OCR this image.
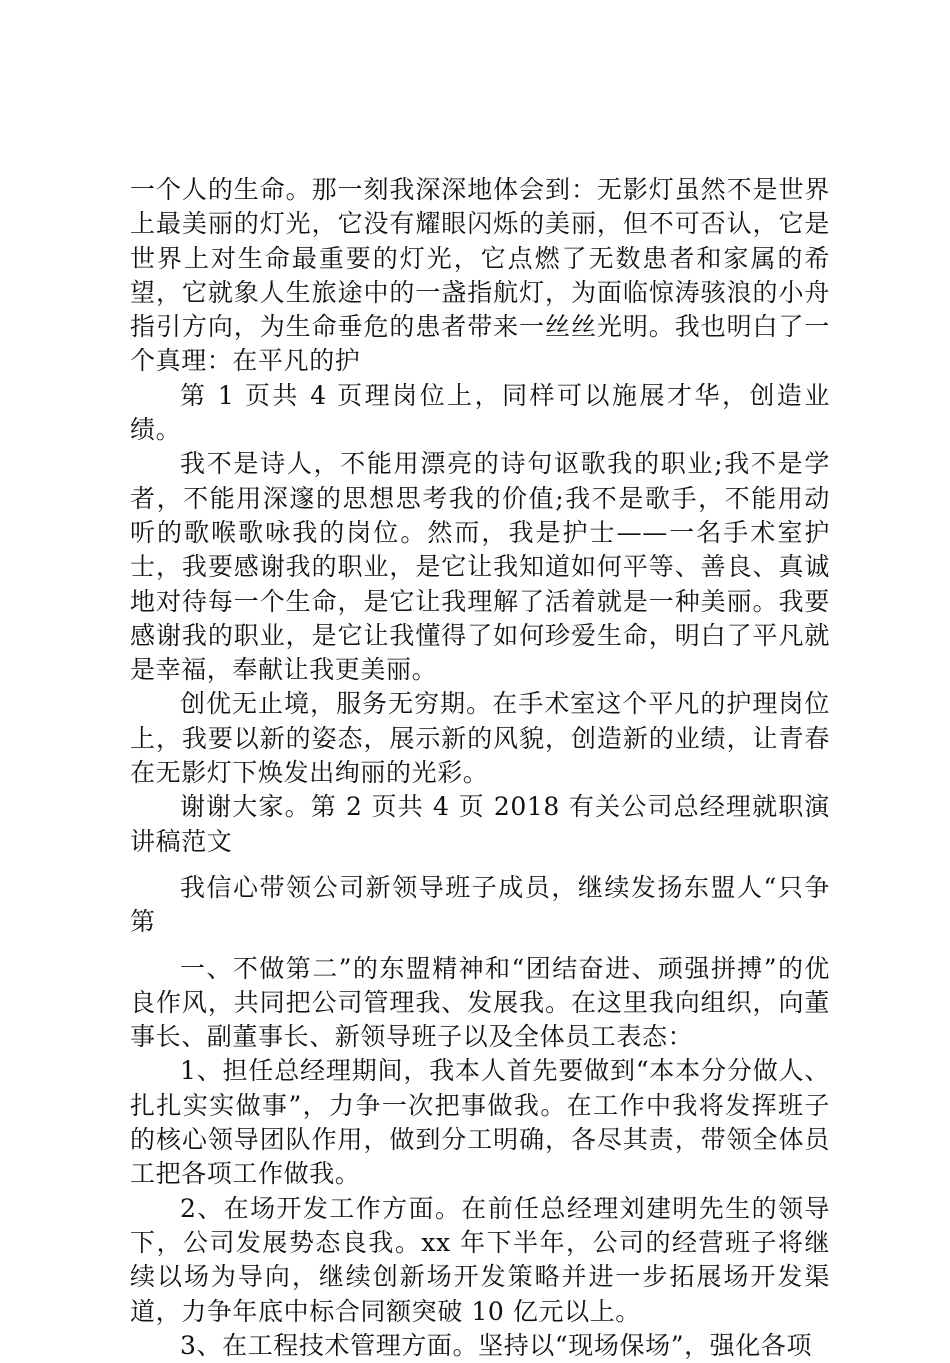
一个人的生命。那一刻我深深地体会到：无影灯虽然不是世界上最美丽的灯光，它没有耀眼闪烁的美丽，但不可否认，它是世界上对生命最重要的灯光，它点燃了无数患者和家属的希望，它就象人生旅途中的一盏指航灯，为面临惊涛骇浪的小舟指引方向，为生命垂危的患者带来一丝丝光明。我也明白了一个真理：在平凡的护

第 1 页共 4 页理岗位上，同样可以施展才华，创造业绩。

我不是诗人，不能用漂亮的诗句讴歌我的职业;我不是学者，不能用深邃的思想思考我的价值;我不是歌手，不能用动听的歌喉歌咏我的岗位。然而，我是护士——一名手术室护士，我要感谢我的职业，是它让我知道如何平等、善良、真诚地对待每一个生命，是它让我理解了活着就是一种美丽。我要感谢我的职业，是它让我懂得了如何珍爱生命，明白了平凡就是幸福，奉献让我更美丽。

创优无止境，服务无穷期。在手术室这个平凡的护理岗位上，我要以新的姿态，展示新的风貌，创造新的业绩，让青春在无影灯下焕发出绚丽的光彩。

谢谢大家。第 2 页共 4 页 2018 有关公司总经理就职演讲稿范文

我信心带领公司新领导班子成员，继续发扬东盟人“只争第

一、不做第二”的东盟精神和“团结奋进、顽强拼搏”的优良作风，共同把公司管理我、发展我。在这里我向组织，向董事长、副董事长、新领导班子以及全体员工表态：

1、担任总经理期间，我本人首先要做到“本本分分做人、扎扎实实做事”，力争一次把事做我。在工作中我将发挥班子的核心领导团队作用，做到分工明确，各尽其责，带领全体员工把各项工作做我。

2、在场开发工作方面。在前任总经理刘建明先生的领导下，公司发展势态良我。xx 年下半年，公司的经营班子将继续以场为导向，继续创新场开发策略并进一步拓展场开发渠道，力争年底中标合同额突破 10 亿元以上。

3、在工程技术管理方面。坚持以“现场保场”，强化各项
